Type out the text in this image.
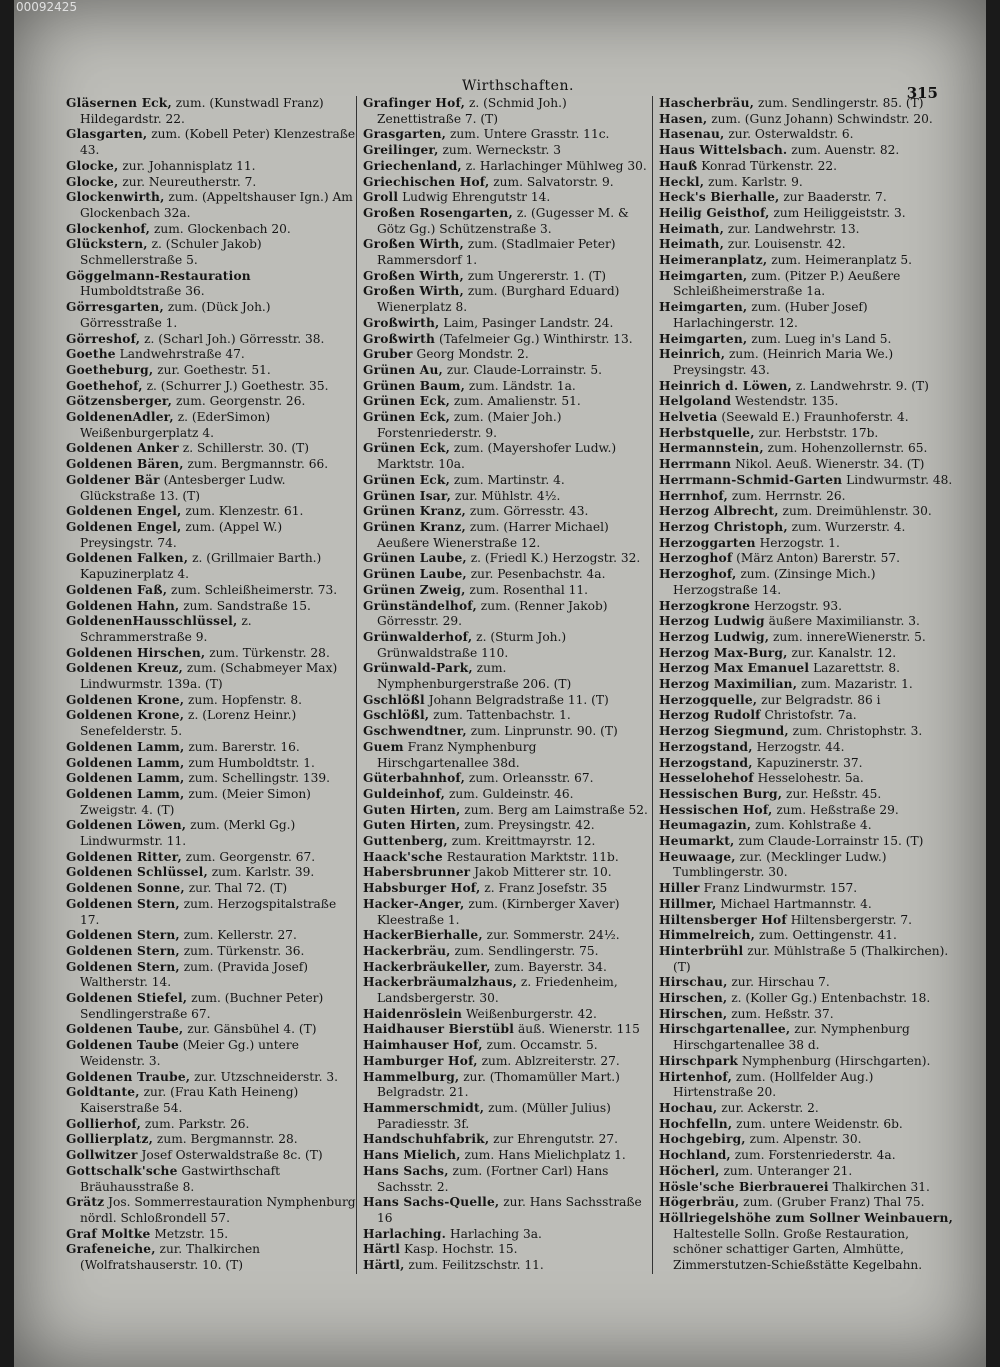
00092425
Wirthschaften.	315

Gläsernen Eck, zum. (Kunstwadl Franz) Hildegardstr. 22.

Glasgarten, zum. (Kobell Peter) Klenzestraße 43.

Glocke, zur. Johannisplatz 11.

Glocke, zur. Neureutherstr. 7.

Glockenwirth, zum. (Appeltshauser Ign.) Am Glockenbach 32a.

Glockenhof, zum. Glockenbach 20.

Glückstern, z. (Schuler Jakob) Schmellerstraße 5.

Göggelmann-Restauration Humboldtstraße 36.

Görresgarten, zum. (Dück Joh.) Görresstraße 1.

Görreshof, z. (Scharl Joh.) Görresstr. 38.

Goethe Landwehrstraße 47.

Goetheburg, zur. Goethestr. 51.

Goethehof, z. (Schurrer J.) Goethestr. 35.

Götzensberger, zum. Georgenstr. 26.

GoldenenAdler, z. (EderSimon) Weißenburgerplatz 4.

Goldenen Anker z. Schillerstr. 30. (T)

Goldenen Bären, zum. Bergmannstr. 66.

Goldener Bär (Antesberger Ludw. Glückstraße 13. (T)

Goldenen Engel, zum. Klenzestr. 61.

Goldenen Engel, zum. (Appel W.) Preysingstr. 74.

Goldenen Falken, z. (Grillmaier Barth.) Kapuzinerplatz 4.

Goldenen Faß, zum. Schleißheimerstr. 73.

Goldenen Hahn, zum. Sandstraße 15.

GoldenenHausschlüssel, z. Schrammerstraße 9.

Goldenen Hirschen, zum. Türkenstr. 28.

Goldenen Kreuz, zum. (Schabmeyer Max) Lindwurmstr. 139a. (T)

Goldenen Krone, zum. Hopfenstr. 8.

Goldenen Krone, z. (Lorenz Heinr.) Senefelderstr. 5.

Goldenen Lamm, zum. Barerstr. 16.

Goldenen Lamm, zum Humboldtstr. 1.

Goldenen Lamm, zum. Schellingstr. 139.

Goldenen Lamm, zum. (Meier Simon) Zweigstr. 4. (T)

Goldenen Löwen, zum. (Merkl Gg.) Lindwurmstr. 11.

Goldenen Ritter, zum. Georgenstr. 67.

Goldenen Schlüssel, zum. Karlstr. 39.

Goldenen Sonne, zur. Thal 72. (T)

Goldenen Stern, zum. Herzogspitalstraße 17.

Goldenen Stern, zum. Kellerstr. 27.

Goldenen Stern, zum. Türkenstr. 36.

Goldenen Stern, zum. (Pravida Josef) Waltherstr. 14.

Goldenen Stiefel, zum. (Buchner Peter) Sendlingerstraße 67.

Goldenen Taube, zur. Gänsbühel 4. (T)

Goldenen Taube (Meier Gg.) untere Weidenstr. 3.

Goldenen Traube, zur. Utzschneiderstr. 3.

Goldtante, zur. (Frau Kath Heineng) Kaiserstraße 54.

Gollierhof, zum. Parkstr. 26.

Gollierplatz, zum. Bergmannstr. 28.

Gollwitzer Josef Osterwaldstraße 8c. (T)

Gottschalk'sche Gastwirthschaft Bräuhausstraße 8.

Grätz Jos. Sommerrestauration Nymphenburg nördl. Schloßrondell 57.

Graf Moltke Metzstr. 15.

Grafeneiche, zur. Thalkirchen (Wolfratshauserstr. 10. (T)

Grafinger Hof, z. (Schmid Joh.) Zenettistraße 7. (T)

Grasgarten, zum. Untere Grasstr. 11c.

Greilinger, zum. Werneckstr. 3

Griechenland, z. Harlachinger Mühlweg 30.

Griechischen Hof, zum. Salvatorstr. 9.

Groll Ludwig Ehrengutstr 14.

Großen Rosengarten, z. (Gugesser M. & Götz Gg.) Schützenstraße 3.

Großen Wirth, zum. (Stadlmaier Peter) Rammersdorf 1.

Großen Wirth, zum Ungererstr. 1. (T)

Großen Wirth, zum. (Burghard Eduard) Wienerplatz 8.

Großwirth, Laim, Pasinger Landstr. 24.

Großwirth (Tafelmeier Gg.) Winthirstr. 13.

Gruber Georg Mondstr. 2.

Grünen Au, zur. Claude-Lorrainstr. 5.

Grünen Baum, zum. Ländstr. 1a.

Grünen Eck, zum. Amalienstr. 51.

Grünen Eck, zum. (Maier Joh.) Forstenriederstr. 9.

Grünen Eck, zum. (Mayershofer Ludw.) Marktstr. 10a.

Grünen Eck, zum. Martinstr. 4.

Grünen Isar, zur. Mühlstr. 4½.

Grünen Kranz, zum. Görresstr. 43.

Grünen Kranz, zum. (Harrer Michael) Aeußere Wienerstraße 12.

Grünen Laube, z. (Friedl K.) Herzogstr. 32.

Grünen Laube, zur. Pesenbachstr. 4a.

Grünen Zweig, zum. Rosenthal 11.

Grünständelhof, zum. (Renner Jakob) Görresstr. 29.

Grünwalderhof, z. (Sturm Joh.) Grünwaldstraße 110.

Grünwald-Park, zum. Nymphenburgerstraße 206. (T)

Gschlößl Johann Belgradstraße 11. (T)

Gschlößl, zum. Tattenbachstr. 1.

Gschwendtner, zum. Linprunstr. 90. (T)

Guem Franz Nymphenburg Hirschgartenallee 38d.

Güterbahnhof, zum. Orleansstr. 67.

Guldeinhof, zum. Guldeinstr. 46.

Guten Hirten, zum. Berg am Laimstraße 52.

Guten Hirten, zum. Preysingstr. 42.

Guttenberg, zum. Kreittmayrstr. 12.

Haack'sche Restauration Marktstr. 11b.

Habersbrunner Jakob Mitterer str. 10.

Habsburger Hof, z. Franz Josefstr. 35

Hacker-Anger, zum. (Kirnberger Xaver) Kleestraße 1.

HackerBierhalle, zur. Sommerstr. 24½.

Hackerbräu, zum. Sendlingerstr. 75.

Hackerbräukeller, zum. Bayerstr. 34.

Hackerbräumalzhaus, z. Friedenheim, Landsbergerstr. 30.

Haidenröslein Weißenburgerstr. 42.

Haidhauser Bierstübl äuß. Wienerstr. 115

Haimhauser Hof, zum. Occamstr. 5.

Hamburger Hof, zum. Ablzreiterstr. 27.

Hammelburg, zur. (Thomamüller Mart.) Belgradstr. 21.

Hammerschmidt, zum. (Müller Julius) Paradiesstr. 3f.

Handschuhfabrik, zur Ehrengutstr. 27.

Hans Mielich, zum. Hans Mielichplatz 1.

Hans Sachs, zum. (Fortner Carl) Hans Sachsstr. 2.

Hans Sachs-Quelle, zur. Hans Sachsstraße 16

Harlaching. Harlaching 3a.

Härtl Kasp. Hochstr. 15.

Härtl, zum. Feilitzschstr. 11.

Hascherbräu, zum. Sendlingerstr. 85. (T)

Hasen, zum. (Gunz Johann) Schwindstr. 20.

Hasenau, zur. Osterwaldstr. 6.

Haus Wittelsbach. zum. Auenstr. 82.

Hauß Konrad Türkenstr. 22.

Heckl, zum. Karlstr. 9.

Heck's Bierhalle, zur Baaderstr. 7.

Heilig Geisthof, zum Heiliggeiststr. 3.

Heimath, zur. Landwehrstr. 13.

Heimath, zur. Louisenstr. 42.

Heimeranplatz, zum. Heimeranplatz 5.

Heimgarten, zum. (Pitzer P.) Aeußere Schleißheimerstraße 1a.

Heimgarten, zum. (Huber Josef) Harlachingerstr. 12.

Heimgarten, zum. Lueg in's Land 5.

Heinrich, zum. (Heinrich Maria We.) Preysingstr. 43.

Heinrich d. Löwen, z. Landwehrstr. 9. (T)

Helgoland Westendstr. 135.

Helvetia (Seewald E.) Fraunhoferstr. 4.

Herbstquelle, zur. Herbststr. 17b.

Hermannstein, zum. Hohenzollernstr. 65.

Herrmann Nikol. Aeuß. Wienerstr. 34. (T)

Herrmann-Schmid-Garten Lindwurmstr. 48.

Herrnhof, zum. Herrnstr. 26.

Herzog Albrecht, zum. Dreimühlenstr. 30.

Herzog Christoph, zum. Wurzerstr. 4.

Herzoggarten Herzogstr. 1.

Herzoghof (März Anton) Barerstr. 57.

Herzoghof, zum. (Zinsinge Mich.) Herzogstraße 14.

Herzogkrone Herzogstr. 93.

Herzog Ludwig äußere Maximilianstr. 3.

Herzog Ludwig, zum. innereWienerstr. 5.

Herzog Max-Burg, zur. Kanalstr. 12.

Herzog Max Emanuel Lazarettstr. 8.

Herzog Maximilian, zum. Mazaristr. 1.

Herzogquelle, zur Belgradstr. 86 i

Herzog Rudolf Christofstr. 7a.

Herzog Siegmund, zum. Christophstr. 3.

Herzogstand, Herzogstr. 44.

Herzogstand, Kapuzinerstr. 37.

Hesselohehof Hesselohestr. 5a.

Hessischen Burg, zur. Heßstr. 45.

Hessischen Hof, zum. Heßstraße 29.

Heumagazin, zum. Kohlstraße 4.

Heumarkt, zum Claude-Lorrainstr 15. (T)

Heuwaage, zur. (Mecklinger Ludw.) Tumblingerstr. 30.

Hiller Franz Lindwurmstr. 157.

Hillmer, Michael Hartmannstr. 4.

Hiltensberger Hof Hiltensbergerstr. 7.

Himmelreich, zum. Oettingenstr. 41.

Hinterbrühl zur. Mühlstraße 5 (Thalkirchen). (T)

Hirschau, zur. Hirschau 7.

Hirschen, z. (Koller Gg.) Entenbachstr. 18.

Hirschen, zum. Heßstr. 37.

Hirschgartenallee, zur. Nymphenburg Hirschgartenallee 38 d.

Hirschpark Nymphenburg (Hirschgarten).

Hirtenhof, zum. (Hollfelder Aug.) Hirtenstraße 20.

Hochau, zur. Ackerstr. 2.

Hochfelln, zum. untere Weidenstr. 6b.

Hochgebirg, zum. Alpenstr. 30.

Hochland, zum. Forstenriederstr. 4a.

Höcherl, zum. Unteranger 21.

Hösle'sche Bierbrauerei Thalkirchen 31.

Högerbräu, zum. (Gruber Franz) Thal 75.

Höllriegelshöhe zum Sollner Weinbauern, Haltestelle Solln. Große Restauration, schöner schattiger Garten, Almhütte, Zimmerstutzen-Schießstätte Kegelbahn.
